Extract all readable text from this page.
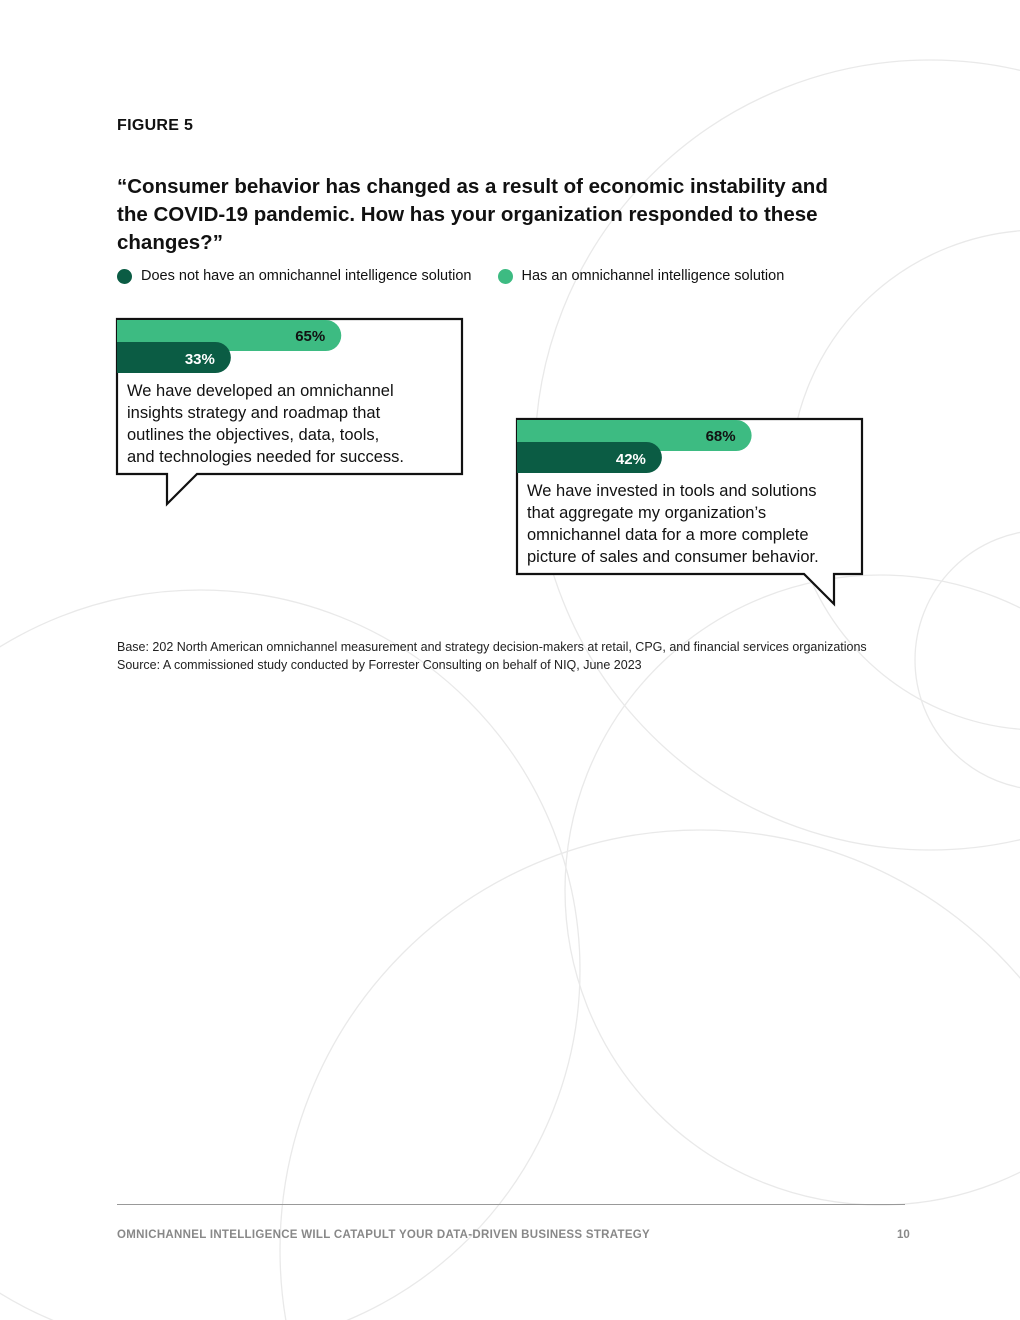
FIGURE 5
“Consumer behavior has changed as a result of economic instability and the COVID-19 pandemic. How has your organization responded to these changes?”
Does not have an omnichannel intelligence solution	Has an omnichannel intelligence solution
65%
33%
We have developed an omnichannel insights strategy and roadmap that outlines the objectives, data, tools, and technologies needed for success.
68%
42%
We have invested in tools and solutions that aggregate my organization’s omnichannel data for a more complete picture of sales and consumer behavior.
Base: 202 North American omnichannel measurement and strategy decision-makers at retail, CPG, and financial services organizations
Source: A commissioned study conducted by Forrester Consulting on behalf of NIQ, June 2023
OMNICHANNEL INTELLIGENCE WILL CATAPULT YOUR DATA-DRIVEN BUSINESS STRATEGY	10
